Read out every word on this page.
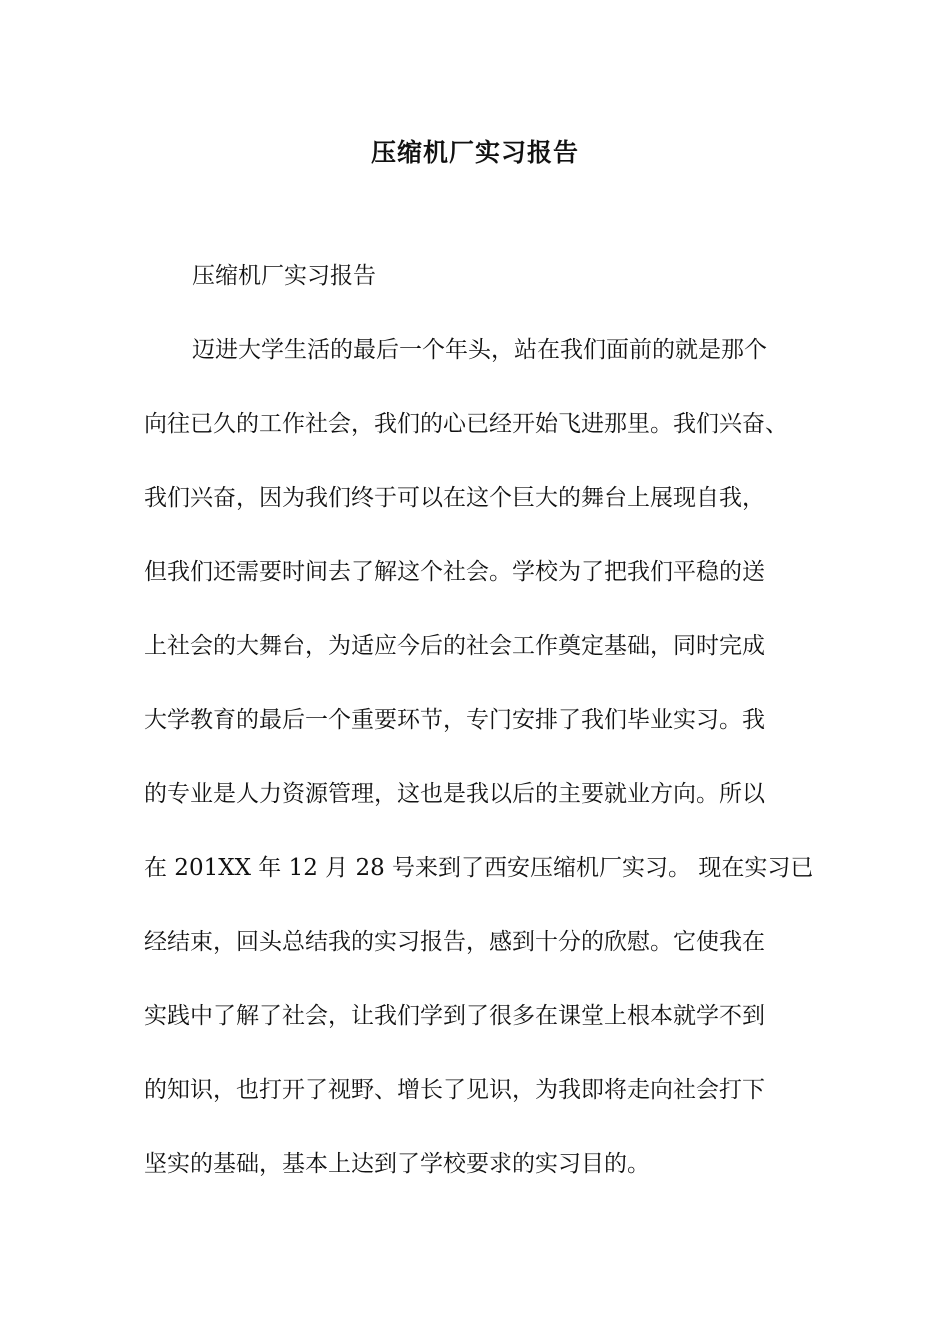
压缩机厂实习报告
压缩机厂实习报告
迈进大学生活的最后一个年头，站在我们面前的就是那个
向往已久的工作社会，我们的心已经开始飞进那里。我们兴奋、
我们兴奋，因为我们终于可以在这个巨大的舞台上展现自我，
但我们还需要时间去了解这个社会。学校为了把我们平稳的送
上社会的大舞台，为适应今后的社会工作奠定基础，同时完成
大学教育的最后一个重要环节，专门安排了我们毕业实习。我
的专业是人力资源管理，这也是我以后的主要就业方向。所以
在 201XX 年 12 月 28 号来到了西安压缩机厂实习。 现在实习已
经结束，回头总结我的实习报告，感到十分的欣慰。它使我在
实践中了解了社会，让我们学到了很多在课堂上根本就学不到
的知识，也打开了视野、增长了见识，为我即将走向社会打下
坚实的基础，基本上达到了学校要求的实习目的。
